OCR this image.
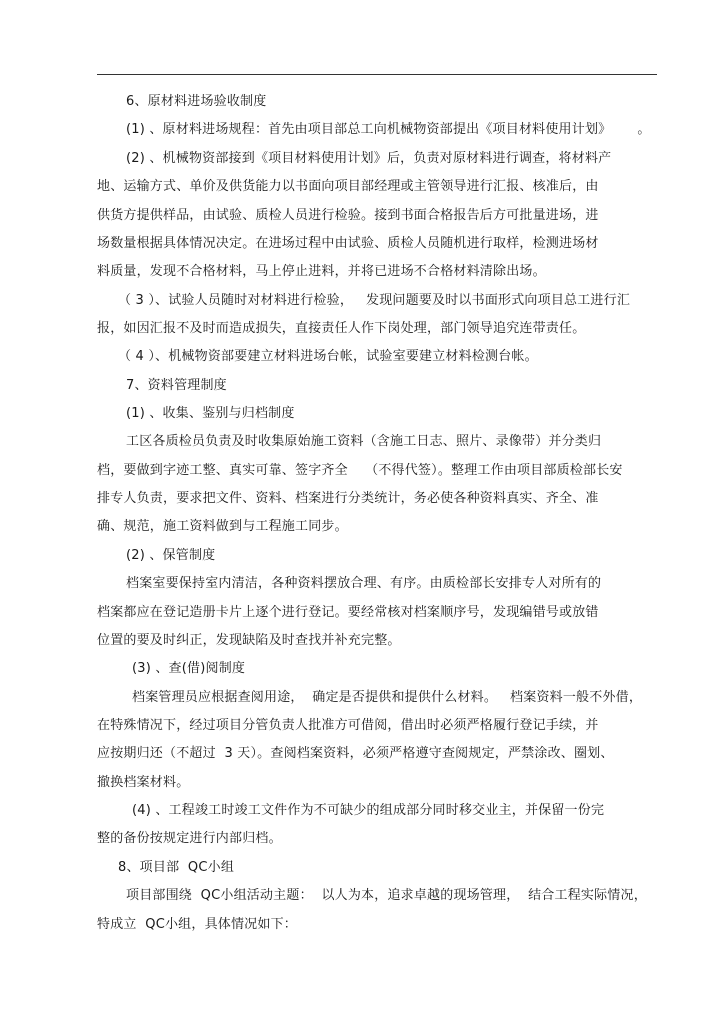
6、原材料进场验收制度
(1) 、原材料进场规程：首先由项目部总工向机械物资部提出《项目材料使用计划》      。
(2) 、机械物资部接到《项目材料使用计划》后，负责对原材料进行调查，将材料产
地、运输方式、单价及供货能力以书面向项目部经理或主管领导进行汇报、核准后，由
供货方提供样品，由试验、质检人员进行检验。接到书面合格报告后方可批量进场，进
场数量根据具体情况决定。在进场过程中由试验、质检人员随机进行取样，检测进场材
料质量，发现不合格材料，马上停止进料，并将已进场不合格材料清除出场。
（ 3 ）、试验人员随时对材料进行检验，   发现问题要及时以书面形式向项目总工进行汇
报，如因汇报不及时而造成损失，直接责任人作下岗处理，部门领导追究连带责任。
（ 4 ）、机械物资部要建立材料进场台帐，试验室要建立材料检测台帐。
7、资料管理制度
(1) 、收集、鉴别与归档制度
工区各质检员负责及时收集原始施工资料（含施工日志、照片、录像带）并分类归
档，要做到字迹工整、真实可靠、签字齐全    （不得代签）。整理工作由项目部质检部长安
排专人负责，要求把文件、资料、档案进行分类统计，务必使各种资料真实、齐全、准
确、规范，施工资料做到与工程施工同步。
(2) 、保管制度
档案室要保持室内清洁，各种资料摆放合理、有序。由质检部长安排专人对所有的
档案都应在登记造册卡片上逐个进行登记。要经常核对档案顺序号，发现编错号或放错
位置的要及时纠正，发现缺陷及时查找并补充完整。
(3) 、查(借)阅制度
档案管理员应根据查阅用途，  确定是否提供和提供什么材料。   档案资料一般不外借，
在特殊情况下，经过项目分管负责人批准方可借阅，借出时必须严格履行登记手续，并
应按期归还（不超过  3 天）。查阅档案资料，必须严格遵守查阅规定，严禁涂改、圈划、
撤换档案材料。
(4) 、工程竣工时竣工文件作为不可缺少的组成部分同时移交业主，并保留一份完
整的备份按规定进行内部归档。
8、项目部  QC小组
项目部围绕  QC小组活动主题：  以人为本，追求卓越的现场管理，  结合工程实际情况，
特成立  QC小组，具体情况如下：
